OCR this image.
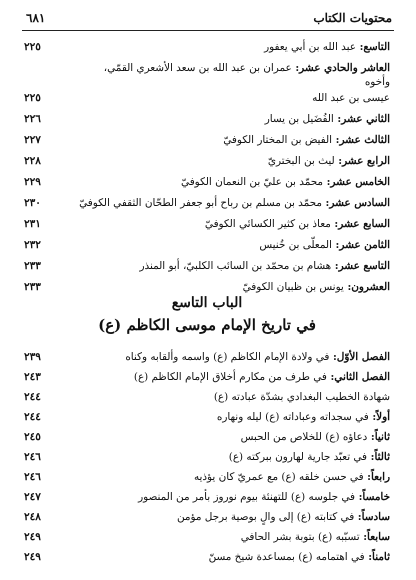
٦٨١	محتويات الكتاب
التاسع: عبد الله بن أبي يعفور
٢٢٥
العاشر والحادي عشر: عمران بن عبد الله بن سعد الأشعري القمّي، وأخوه
عيسى بن عبد الله
٢٢٥
الثاني عشر: الفُضَيل بن يسار
٢٢٦
الثالث عشر: الفيض بن المختار الكوفيّ
٢٢٧
الرابع عشر: ليث بن البختريّ
٢٢٨
الخامس عشر: محمّد بن عليّ بن النعمان الكوفيّ
٢٢٩
السادس عشر: محمّد بن مسلم بن رباح أبو جعفر الطحّان الثقفي الكوفيّ
٢٣٠
السابع عشر: معاذ بن كثير الكسائي الكوفيّ
٢٣١
الثامن عشر: المعلّى بن خُنيس
٢٣٢
التاسع عشر: هشام بن محمّد بن السائب الكلبيّ، أبو المنذر
٢٣٣
العشرون: يونس بن ظبيان الكوفيّ
٢٣٣
الباب التاسع
في تاريخ الإمام موسى الكاظم (ع)
الفصل الأوّل: في ولادة الإمام الكاظم (ع) واسمه وألقابه وكناه
٢٣٩
الفصل الثاني: في طرف من مكارم أخلاق الإمام الكاظم (ع)
٢٤٣
شهادة الخطيب البغدادي بشدّة عبادته (ع)
٢٤٤
أولاً: في سجداته وعباداته (ع) ليله ونهاره
٢٤٤
ثانياً: دعاؤه (ع) للخلاص من الحبس
٢٤٥
ثالثاً: في تعبّد جارية لهارون ببركته (ع)
٢٤٦
رابعاً: في حسن خلقه (ع) مع عمريّ كان يؤذيه
٢٤٦
خامساً: في جلوسه (ع) للتهنئة بيوم نوروز بأمر من المنصور
٢٤٧
سادساً: في كتابته (ع) إلى والٍ بوصية برجل مؤمن
٢٤٨
سابعاً: تسبّبه (ع) بتوبة بشر الحافي
٢٤٩
ثامناً: في اهتمامه (ع) بمساعدة شيخ مسنّ
٢٤٩
